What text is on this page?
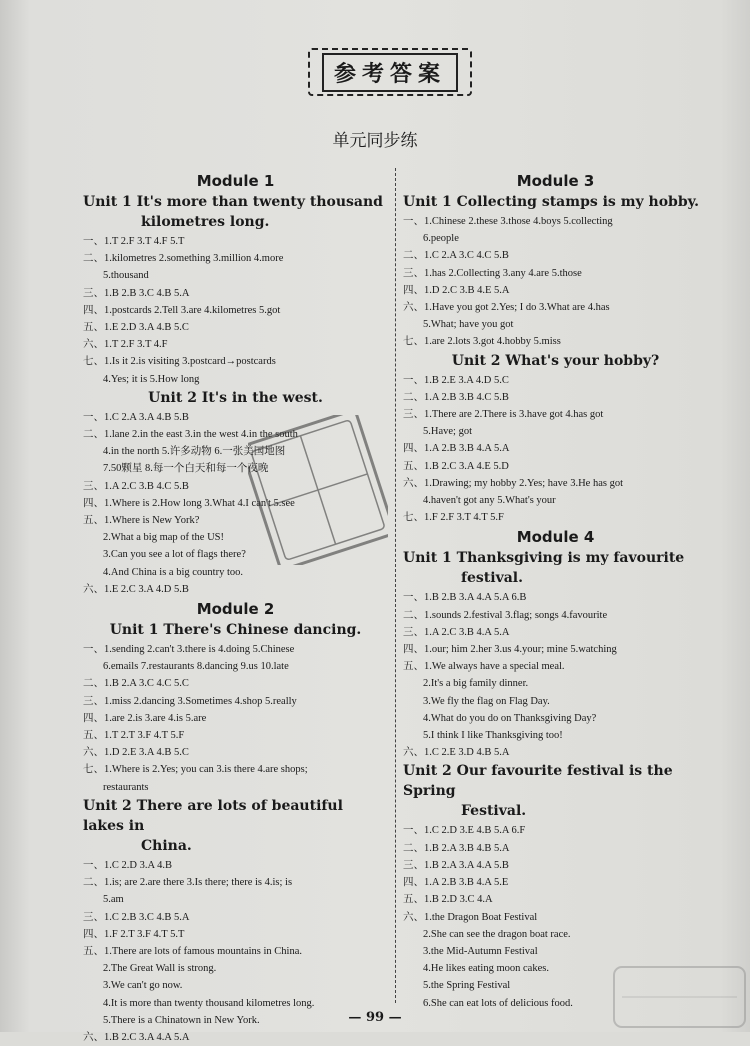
参考答案
单元同步练
Module 1
Unit 1 It's more than twenty thousand
kilometres long.
一、1.T 2.F 3.T 4.F 5.T
二、1.kilometres 2.something 3.million 4.more
5.thousand
三、1.B 2.B 3.C 4.B 5.A
四、1.postcards 2.Tell 3.are 4.kilometres 5.got
五、1.E 2.D 3.A 4.B 5.C
六、1.T 2.F 3.T 4.F
七、1.Is it 2.is visiting 3.postcard→postcards
4.Yes; it is 5.How long
Unit 2 It's in the west.
一、1.C 2.A 3.A 4.B 5.B
二、1.lane 2.in the east 3.in the west 4.in the south
4.in the north 5.许多动物 6.一张美国地图
7.50颗星 8.每一个白天和每一个夜晚
三、1.A 2.C 3.B 4.C 5.B
四、1.Where is 2.How long 3.What 4.I can't 5.see
五、1.Where is New York?
2.What a big map of the US!
3.Can you see a lot of flags there?
4.And China is a big country too.
六、1.E 2.C 3.A 4.D 5.B
Module 2
Unit 1 There's Chinese dancing.
一、1.sending 2.can't 3.there is 4.doing 5.Chinese
6.emails 7.restaurants 8.dancing 9.us 10.late
二、1.B 2.A 3.C 4.C 5.C
三、1.miss 2.dancing 3.Sometimes 4.shop 5.really
四、1.are 2.is 3.are 4.is 5.are
五、1.T 2.T 3.F 4.T 5.F
六、1.D 2.E 3.A 4.B 5.C
七、1.Where is 2.Yes; you can 3.is there 4.are shops;
restaurants
Unit 2 There are lots of beautiful lakes in
China.
一、1.C 2.D 3.A 4.B
二、1.is; are 2.are there 3.Is there; there is 4.is; is
5.am
三、1.C 2.B 3.C 4.B 5.A
四、1.F 2.T 3.F 4.T 5.T
五、1.There are lots of famous mountains in China.
2.The Great Wall is strong.
3.We can't go now.
4.It is more than twenty thousand kilometres long.
5.There is a Chinatown in New York.
六、1.B 2.C 3.A 4.A 5.A
Module 3
Unit 1 Collecting stamps is my hobby.
一、1.Chinese 2.these 3.those 4.boys 5.collecting
6.people
二、1.C 2.A 3.C 4.C 5.B
三、1.has 2.Collecting 3.any 4.are 5.those
四、1.D 2.C 3.B 4.E 5.A
六、1.Have you got 2.Yes; I do 3.What are 4.has
5.What; have you got
七、1.are 2.lots 3.got 4.hobby 5.miss
Unit 2 What's your hobby?
一、1.B 2.E 3.A 4.D 5.C
二、1.A 2.B 3.B 4.C 5.B
三、1.There are 2.There is 3.have got 4.has got
5.Have; got
四、1.A 2.B 3.B 4.A 5.A
五、1.B 2.C 3.A 4.E 5.D
六、1.Drawing; my hobby 2.Yes; have 3.He has got
4.haven't got any 5.What's your
七、1.F 2.F 3.T 4.T 5.F
Module 4
Unit 1 Thanksgiving is my favourite
festival.
一、1.B 2.B 3.A 4.A 5.A 6.B
二、1.sounds 2.festival 3.flag; songs 4.favourite
三、1.A 2.C 3.B 4.A 5.A
四、1.our; him 2.her 3.us 4.your; mine 5.watching
五、1.We always have a special meal.
2.It's a big family dinner.
3.We fly the flag on Flag Day.
4.What do you do on Thanksgiving Day?
5.I think I like Thanksgiving too!
六、1.C 2.E 3.D 4.B 5.A
Unit 2 Our favourite festival is the Spring
Festival.
一、1.C 2.D 3.E 4.B 5.A 6.F
二、1.B 2.A 3.B 4.B 5.A
三、1.B 2.A 3.A 4.A 5.B
四、1.A 2.B 3.B 4.A 5.E
五、1.B 2.D 3.C 4.A
六、1.the Dragon Boat Festival
2.She can see the dragon boat race.
3.the Mid-Autumn Festival
4.He likes eating moon cakes.
5.the Spring Festival
6.She can eat lots of delicious food.
— 99 —
